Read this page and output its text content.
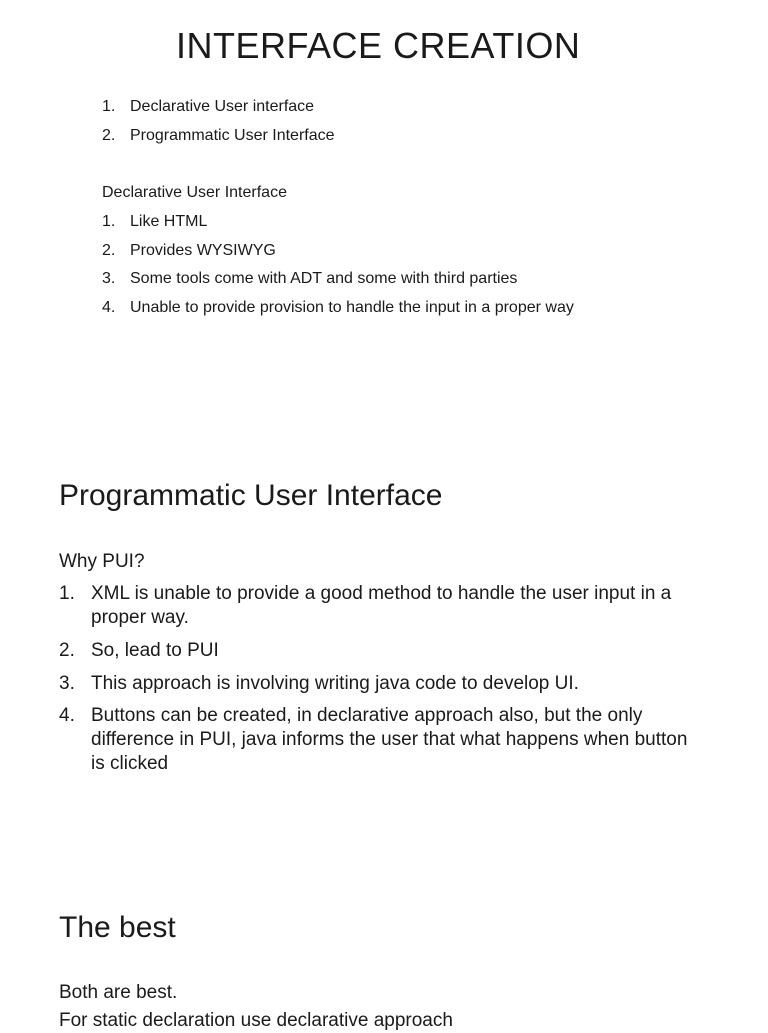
INTERFACE CREATION
1. Declarative User interface
2. Programmatic User Interface
Declarative User Interface
1. Like HTML
2. Provides WYSIWYG
3. Some tools come with ADT and some with third parties
4. Unable to provide provision to handle the input in a proper way
Programmatic User Interface
Why PUI?
1. XML is unable to provide a good method to handle the user input in a proper way.
2. So, lead to PUI
3. This approach is involving writing java code to develop UI.
4. Buttons can be created, in declarative approach also, but the only difference in PUI, java informs the user that what happens when button is clicked
The best
Both are best.
For static declaration use declarative approach
